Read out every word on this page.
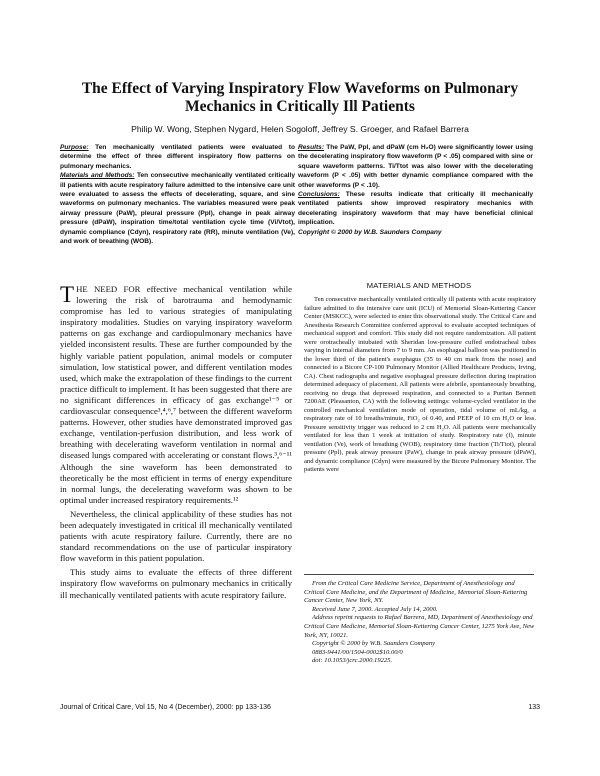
The Effect of Varying Inspiratory Flow Waveforms on Pulmonary Mechanics in Critically Ill Patients
Philip W. Wong, Stephen Nygard, Helen Sogoloff, Jeffrey S. Groeger, and Rafael Barrera

Purpose: Ten mechanically ventilated patients were evaluated to determine the effect of three different inspiratory flow patterns on pulmonary mechanics.

Materials and Methods: Ten consecutive mechanically ventilated critically ill patients with acute respiratory failure admitted to the intensive care unit were evaluated to assess the effects of decelerating, square, and sine waveforms on pulmonary mechanics. The variables measured were peak airway pressure (PaW), pleural pressure (Ppl), change in peak airway pressure (dPaW), inspiration time/total ventilation cycle time (Vi/Vtot), dynamic compliance (Cdyn), respiratory rate (RR), minute ventilation (Ve), and work of breathing (WOB).

Results: The PaW, Ppl, and dPaW (cm H₂O) were significantly lower using the decelerating inspiratory flow waveform (P < .05) compared with sine or square waveform patterns. Ti/Ttot was also lower with the decelerating waveform (P < .05) with better dynamic compliance compared with the other waveforms (P < .10).

Conclusions: These results indicate that critically ill mechanically ventilated patients show improved respiratory mechanics with decelerating inspiratory waveform that may have beneficial clinical implication.

Copyright © 2000 by W.B. Saunders Company

THE NEED FOR effective mechanical ventilation while lowering the risk of barotrauma and hemodynamic compromise has led to various strategies of manipulating inspiratory modalities. Studies on varying inspiratory waveform patterns on gas exchange and cardiopulmonary mechanics have yielded inconsistent results. These are further compounded by the highly variable patient population, animal models or computer simulation, low statistical power, and different ventilation modes used, which make the extrapolation of these findings to the current practice difficult to implement. It has been suggested that there are no significant differences in efficacy of gas exchange¹⁻⁵ or cardiovascular consequence³,⁴,⁶,⁷ between the different waveform patterns. However, other studies have demonstrated improved gas exchange, ventilation-perfusion distribution, and less work of breathing with decelerating waveform ventilation in normal and diseased lungs compared with accelerating or constant flows.³,⁶⁻¹¹ Although the sine waveform has been demonstrated to theoretically be the most efficient in terms of energy expenditure in normal lungs, the decelerating waveform was shown to be optimal under increased respiratory requirements.¹²

Nevertheless, the clinical applicability of these studies has not been adequately investigated in critical ill mechanically ventilated patients with acute respiratory failure. Currently, there are no standard recommendations on the use of particular inspiratory flow waveform in this patient population.

This study aims to evaluate the effects of three different inspiratory flow waveforms on pulmonary mechanics in critically ill mechanically ventilated patients with acute respiratory failure.

MATERIALS AND METHODS

Ten consecutive mechanically ventilated critically ill patients with acute respiratory failure admitted to the intensive care unit (ICU) of Memorial Sloan-Kettering Cancer Center (MSKCC), were selected to enter this observational study. The Critical Care and Anesthesia Research Committee conferred approval to evaluate accepted techniques of mechanical support and comfort. This study did not require randomization. All patient were orotracheally intubated with Sheridan low-pressure cuffed endotracheal tubes varying in internal diameters from 7 to 9 mm. An esophageal balloon was positioned in the lower third of the patient's esophagus (35 to 40 cm mark from the nose) and connected to a Bicore CP-100 Pulmonary Monitor (Allied Healthcare Products, Irving, CA). Chest radiographs and negative esophageal pressure deflection during inspiration determined adequacy of placement. All patients were afebrile, spontaneously breathing, receiving no drugs that depressed respiration, and connected to a Puritan Bennett 7200AE (Pleasanton, CA) with the following settings: volume-cycled ventilator in the controlled mechanical ventilation mode of operation, tidal volume of mL/kg, a respiratory rate of 10 breaths/minute, FiO₂ of 0.40, and PEEP of 10 cm H₂O or less. Pressure sensitivity trigger was reduced to 2 cm H₂O. All patients were mechanically ventilated for less than 1 week at initiation of study. Respiratory rate (f), minute ventilation (Ve), work of breathing (WOB), respiratory time fraction (Ti/Ttot), pleural pressure (Ppl), peak airway pressure (PaW), change in peak airway pressure (dPaW), and dynamic compliance (Cdyn) were measured by the Bicore Pulmonary Monitor. The patients were

From the Critical Care Medicine Service, Department of Anesthesiology and Critical Care Medicine, and the Department of Medicine, Memorial Sloan-Kettering Cancer Center, New York, NY.

Received June 7, 2000. Accepted July 14, 2000.

Address reprint requests to Rafael Barrera, MD, Department of Anesthesiology and Critical Care Medicine, Memorial Sloan-Kettering Cancer Center, 1275 York Ave, New York, NY, 10021.

Copyright © 2000 by W.B. Saunders Company

0883-9441/00/1504-0002$10.00/0

doi: 10.1053/jcrc.2000.19225.

Journal of Critical Care, Vol 15, No 4 (December), 2000: pp 133-136	133
